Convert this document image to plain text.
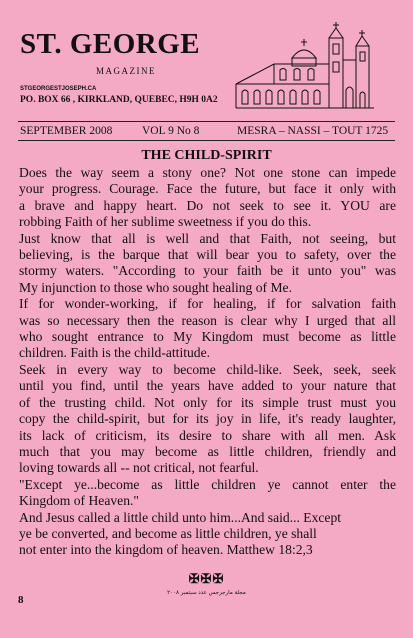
ST. GEORGE
MAGAZINE
STGEORGESTJOSEPH.CA
PO. BOX 66 , KIRKLAND, QUEBEC, H9H 0A2
SEPTEMBER 2008	VOL 9 No 8	MESRA – NASSI – TOUT 1725
THE CHILD-SPIRIT
Does the way seem a stony one? Not one stone can impede
your progress. Courage. Face the future, but face it only with
a brave and happy heart. Do not seek to see it. YOU are
robbing Faith of her sublime sweetness if you do this.
Just know that all is well and that Faith, not seeing, but
believing, is the barque that will bear you to safety, over the
stormy waters. "According to your faith be it unto you" was
My injunction to those who sought healing of Me.
If for wonder-working, if for healing, if for salvation faith
was so necessary then the reason is clear why I urged that all
who sought entrance to My Kingdom must become as little
children. Faith is the child-attitude.
Seek in every way to become child-like. Seek, seek, seek
until you find, until the years have added to your nature that
of the trusting child. Not only for its simple trust must you
copy the child-spirit, but for its joy in life, it's ready laughter,
its lack of criticism, its desire to share with all men. Ask
much that you may become as little children, friendly and
loving towards all -- not critical, not fearful.
"Except ye...become as little children ye cannot enter the
Kingdom of Heaven."
And Jesus called a little child unto him...And said... Except
ye be converted, and become as little children, ye shall
not enter into the kingdom of heaven. Matthew 18:2,3
✠✠✠
مجلة مارجرجس عدد سبتمبر ٢٠٠٨
8
